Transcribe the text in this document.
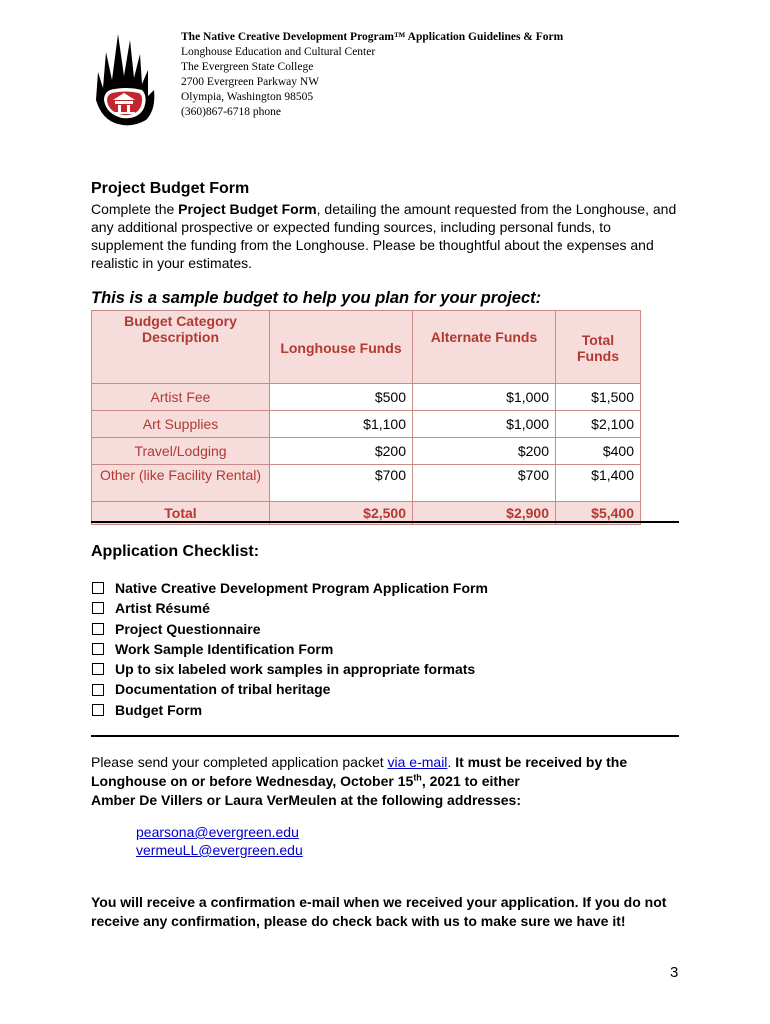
The Native Creative Development Program™ Application Guidelines & Form
Longhouse Education and Cultural Center
The Evergreen State College
2700 Evergreen Parkway NW
Olympia, Washington 98505
(360)867-6718 phone
Project Budget Form
Complete the Project Budget Form, detailing the amount requested from the Longhouse, and any additional prospective or expected funding sources, including personal funds, to supplement the funding from the Longhouse. Please be thoughtful about the expenses and realistic in your estimates.
This is a sample budget to help you plan for your project:
Budget Category Description	Longhouse Funds	Alternate Funds	Total Funds
Artist Fee	$500	$1,000	$1,500
Art Supplies	$1,100	$1,000	$2,100
Travel/Lodging	$200	$200	$400
Other (like Facility Rental)	$700	$700	$1,400
Total	$2,500	$2,900	$5,400
Application Checklist:
Native Creative Development Program Application Form
Artist Résumé
Project Questionnaire
Work Sample Identification Form
Up to six labeled work samples in appropriate formats
Documentation of tribal heritage
Budget Form
Please send your completed application packet via e-mail. It must be received by the Longhouse on or before Wednesday, October 15th, 2021 to either
Amber De Villers or Laura VerMeulen at the following addresses:
pearsona@evergreen.edu
vermeuLL@evergreen.edu
You will receive a confirmation e-mail when we received your application. If you do not receive any confirmation, please do check back with us to make sure we have it!
3
